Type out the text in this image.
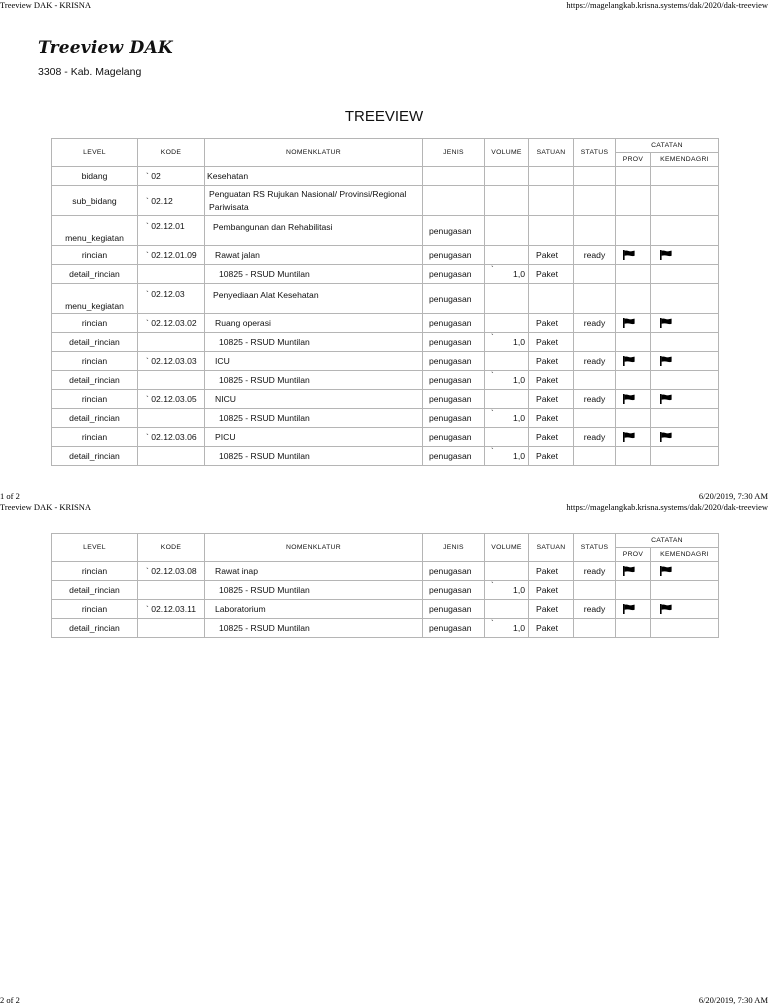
Treeview DAK - KRISNA	https://magelangkab.krisna.systems/dak/2020/dak-treeview
Treeview DAK
3308 - Kab. Magelang
TREEVIEW
LEVEL	KODE	NOMENKLATUR	JENIS	VOLUME	SATUAN	STATUS	CATATAN	
							PROV	KEMENDAGRI
bidang	` 02	Kesehatan						
sub_bidang	` 02.12	Penguatan RS Rujukan Nasional/ Provinsi/Regional Pariwisata						
menu_kegiatan	` 02.12.01	Pembangunan dan Rehabilitasi	penugasan					
rincian	` 02.12.01.09	Rawat jalan	penugasan		Paket	ready	

detail_rincian		10825 - RSUD Muntilan	penugasan	` 1,0	Paket			
menu_kegiatan	` 02.12.03	Penyediaan Alat Kesehatan	penugasan					
rincian	` 02.12.03.02	Ruang operasi	penugasan		Paket	ready	

detail_rincian		10825 - RSUD Muntilan	penugasan	` 1,0	Paket			
rincian	` 02.12.03.03	ICU	penugasan		Paket	ready	

detail_rincian		10825 - RSUD Muntilan	penugasan	` 1,0	Paket			
rincian	` 02.12.03.05	NICU	penugasan		Paket	ready	

detail_rincian		10825 - RSUD Muntilan	penugasan	` 1,0	Paket			
rincian	` 02.12.03.06	PICU	penugasan		Paket	ready	

detail_rincian		10825 - RSUD Muntilan	penugasan	` 1,0	Paket			
1 of 2	6/20/2019, 7:30 AM
Treeview DAK - KRISNA	https://magelangkab.krisna.systems/dak/2020/dak-treeview
LEVEL	KODE	NOMENKLATUR	JENIS	VOLUME	SATUAN	STATUS	CATATAN	
							PROV	KEMENDAGRI
rincian	` 02.12.03.08	Rawat inap	penugasan		Paket	ready	

detail_rincian		10825 - RSUD Muntilan	penugasan	` 1,0	Paket			
rincian	` 02.12.03.11	Laboratorium	penugasan		Paket	ready	

detail_rincian		10825 - RSUD Muntilan	penugasan	` 1,0	Paket			
2 of 2	6/20/2019, 7:30 AM
